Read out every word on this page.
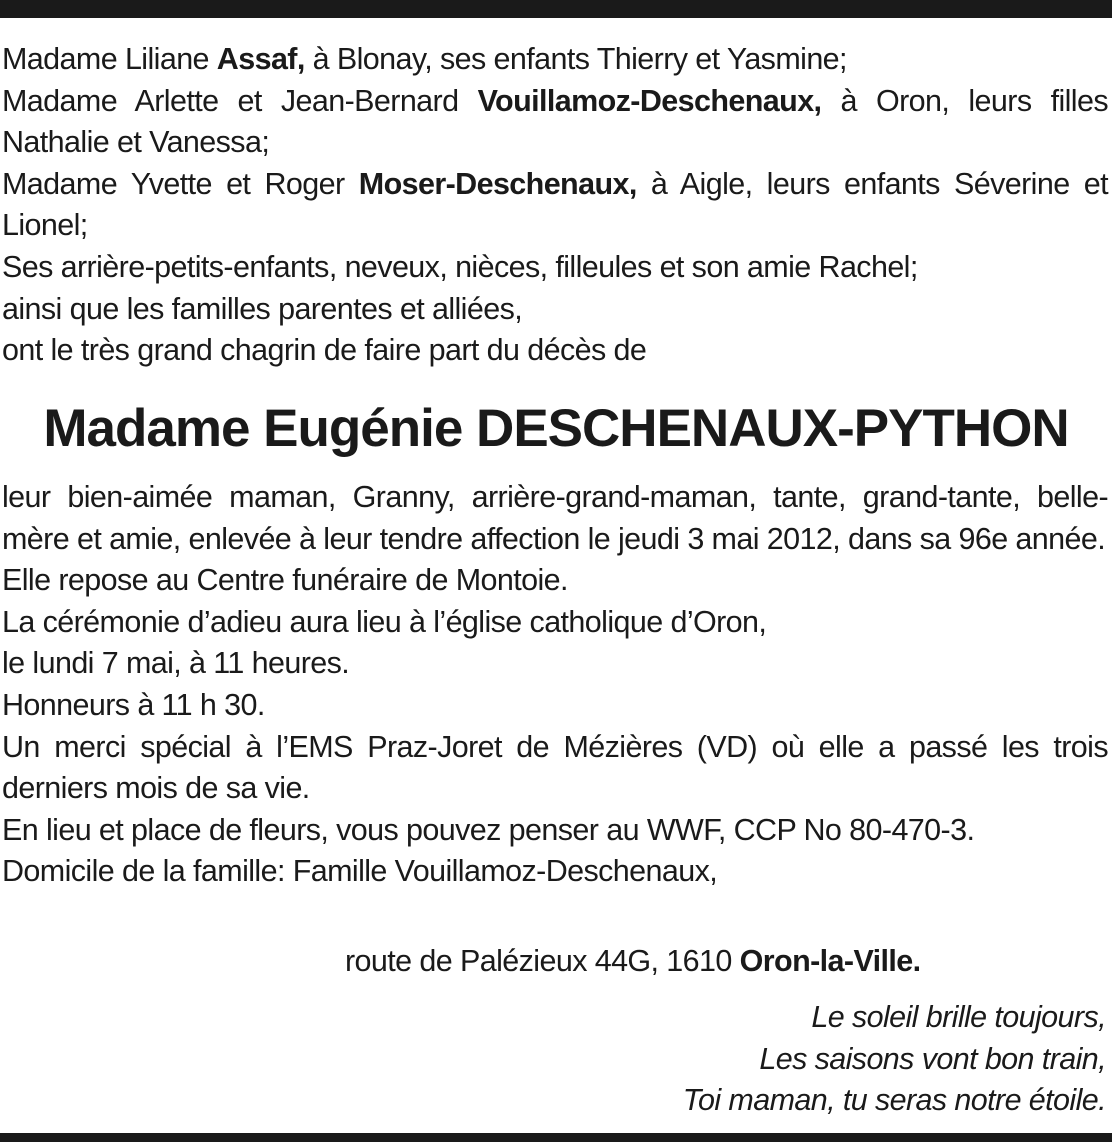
Madame Liliane Assaf, à Blonay, ses enfants Thierry et Yasmine;

Madame Arlette et Jean-Bernard Vouillamoz-Deschenaux, à Oron, leurs filles Nathalie et Vanessa;

Madame Yvette et Roger Moser-Deschenaux, à Aigle, leurs enfants Séverine et Lionel;

Ses arrière-petits-enfants, neveux, nièces, filleules et son amie Rachel;

ainsi que les familles parentes et alliées,

ont le très grand chagrin de faire part du décès de

Madame Eugénie DESCHENAUX-PYTHON

leur bien-aimée maman, Granny, arrière-grand-maman, tante, grand-tante, belle-mère et amie, enlevée à leur tendre affection le jeudi 3 mai 2012, dans sa 96e année.

Elle repose au Centre funéraire de Montoie.

La cérémonie d’adieu aura lieu à l’église catholique d’Oron,

le lundi 7 mai, à 11 heures.

Honneurs à 11 h 30.

Un merci spécial à l’EMS Praz-Joret de Mézières (VD) où elle a passé les trois derniers mois de sa vie.

En lieu et place de fleurs, vous pouvez penser au WWF, CCP No 80-470-3.

Domicile de la famille: Famille Vouillamoz-Deschenaux,

route de Palézieux 44G, 1610 Oron-la-Ville.

Le soleil brille toujours,

Les saisons vont bon train,

Toi maman, tu seras notre étoile.
